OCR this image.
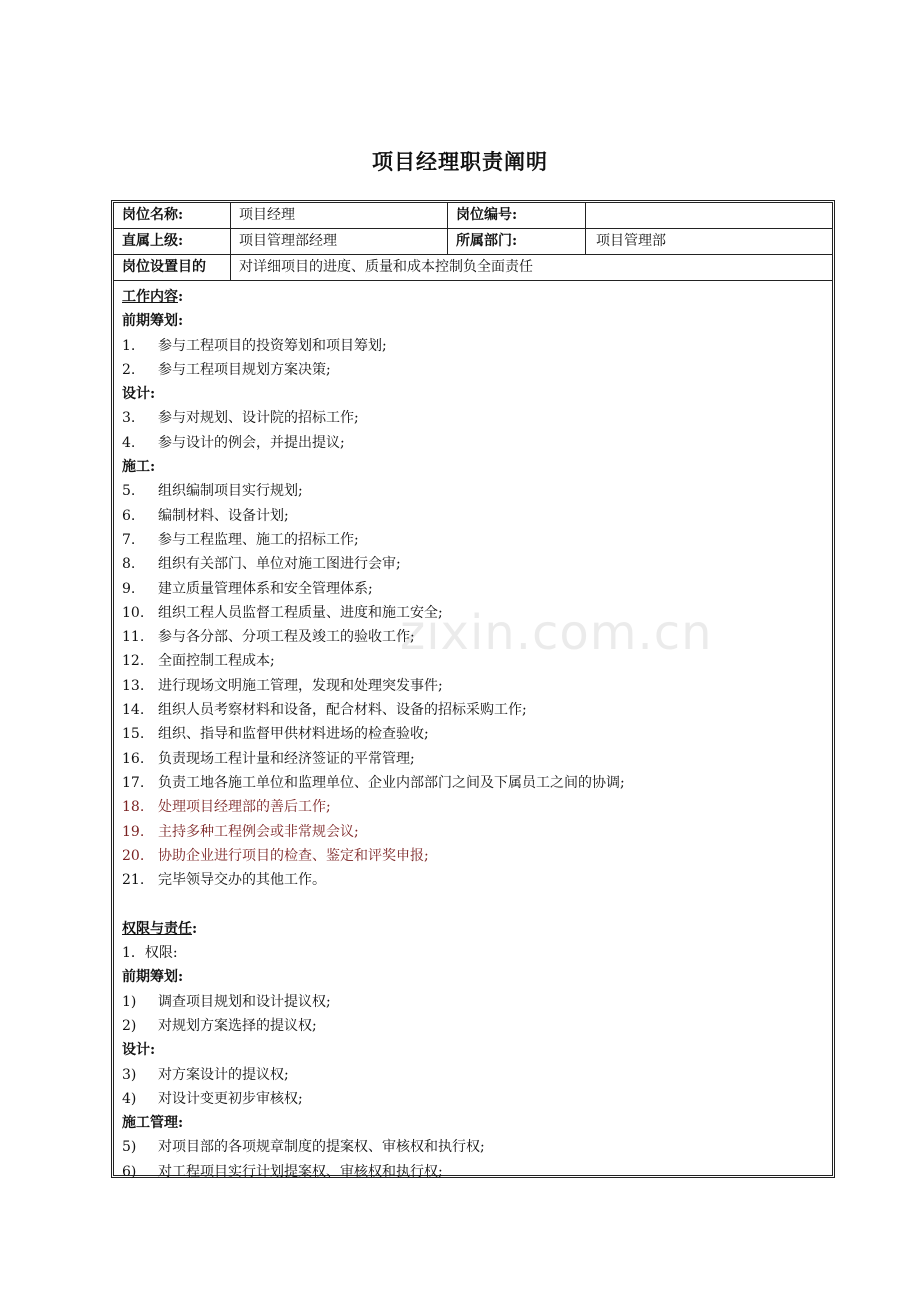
项目经理职责阐明
岗位名称:	项目经理	岗位编号:
直属上级:	项目管理部经理	所属部门:	项目管理部
岗位设置目的	对详细项目的进度、质量和成本控制负全面责任
工作内容:
前期筹划:
1. 参与工程项目的投资筹划和项目筹划;
2. 参与工程项目规划方案决策;
设计:
3. 参与对规划、设计院的招标工作;
4. 参与设计的例会，并提出提议;
施工:
5. 组织编制项目实行规划;
6. 编制材料、设备计划;
7. 参与工程监理、施工的招标工作;
8. 组织有关部门、单位对施工图进行会审;
9. 建立质量管理体系和安全管理体系;
10. 组织工程人员监督工程质量、进度和施工安全;
11. 参与各分部、分项工程及竣工的验收工作;
12. 全面控制工程成本;
13. 进行现场文明施工管理，发现和处理突发事件;
14. 组织人员考察材料和设备，配合材料、设备的招标采购工作;
15. 组织、指导和监督甲供材料进场的检查验收;
16. 负责现场工程计量和经济签证的平常管理;
17. 负责工地各施工单位和监理单位、企业内部部门之间及下属员工之间的协调;
18. 处理项目经理部的善后工作;
19. 主持多种工程例会或非常规会议;
20. 协助企业进行项目的检查、鉴定和评奖申报;
21. 完毕领导交办的其他工作。
权限与责任:
1．权限:
前期筹划:
1) 调查项目规划和设计提议权;
2) 对规划方案选择的提议权;
设计:
3) 对方案设计的提议权;
4) 对设计变更初步审核权;
施工管理:
5) 对项目部的各项规章制度的提案权、审核权和执行权;
6) 对工程项目实行计划提案权、审核权和执行权;
zixin.com.cn
